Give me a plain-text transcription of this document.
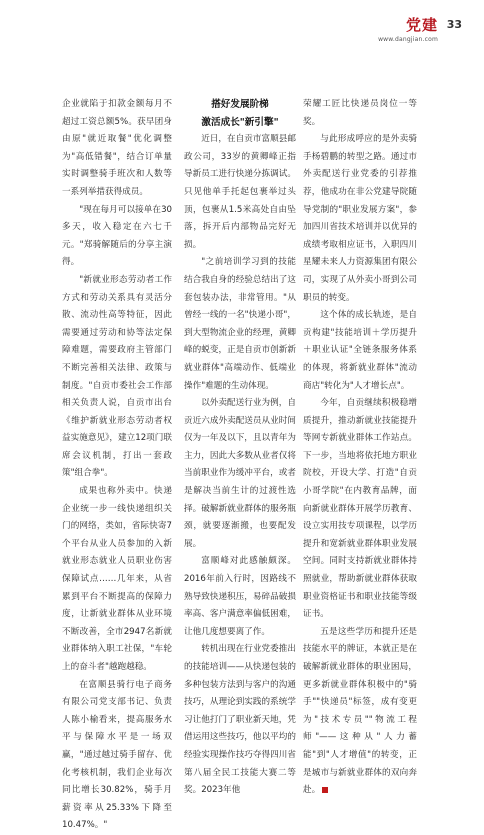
党建
www.dangjian.com
33

企业就陷于扣款金额每月不超过工资总额5%。获早团身由原"就近取餐"优化调整为"高低错餐"，结合订单量实时调整骑手班次和人数等一系列举措获得成员。

"现在每月可以接单在30多天，收入稳定在六七千元。"郑骑解随后的分享主演得。

"新就业形态劳动者工作方式和劳动关系具有灵活分散、流动性高等特征，因此需要通过劳动和协等法定保障难题，需要政府主管部门不断完善相关法律、政策与制度。"自贡市委社会工作部相关负责人说，自贡市出台《维护新就业形态劳动者权益实施意见》，建立12项门联席会议机制，打出一套政策"组合拳"。

成果也称外卖中。快递企业统一步一线快递组织关门的网络，类如，省际快寄7个平台从业人员参加的入新就业形态就业人员职业伤害保障试点……几年来，从省累到平台不断提高的保障力度，让新就业群体从业环境不断改善，全市2947名新就业群体纳入职工社保，"车轮上的奋斗者"越跑越稳。

在富顺县骑行电子商务有限公司党支部书记、负责人陈小榆看来，提高服务水平与保障水平是一场双赢，"通过越过骑手留存、优化考核机制，我们企业每次同比增长30.82%，骑手月薪资率从25.33%下降至10.47%。"

搭好发展阶梯
激活成长"新引擎"

近日，在自贡市富顺县邮政公司，33岁的黄卿峰正指导新员工进行快递分拣调试。只见他单手托起包裹举过头顶，包裹从1.5米高处自由坠落，拆开后内部物品完好无损。

"之前培训学习到的技能结合我自身的经验总结出了这套包装办法，非常管用。"从曾经一线的一名"快递小哥"，到大型物流企业的经理，黄卿峰的蜕变，正是自贡市创新新就业群体"高端动作、低端业操作"难题的生动体现。

以外卖配送行业为例，自贡近六成外卖配送员从业时间仅为一年及以下，且以青年为主力，因此大多数从业者仅将当前职业作为缓冲平台，或者是解决当前生计的过渡性选择。破解新就业群体的服务瓶颈，就要逐渐搬，也要配发展。

富顺峰对此感触颇深。2016年前入行时，因路线不熟导致快递积压，易碎品破损率高、客户满意率偏低困难，让他几度想要离了作。

转机出现在行业党委推出的技能培训——从快递包装的多种包装方法到与客户的沟通技巧，从理论到实践的系统学习让他打门了职业新天地，凭借运用这些技巧，他以平均的经验实现操作技巧夺得四川省第八届全民工技能大赛二等奖。2023年他

荣耀工匠比快递员岗位一等奖。

与此形成呼应的是外卖骑手杨碧鹏的转型之路。通过市外卖配送行业党委的引荐推荐，他成功在非公党建导院随导党制的"职业发展方案"，参加四川省技术培训并以优异的成绩考取相应证书，入职四川星耀未来人力资源集团有限公司，实现了从外卖小哥到公司职员的转变。

这个体的成长轨迹，是自贡构建"技能培训＋学历提升＋职业认证"全链条服务体系的体现，将新就业群体"流动商店"转化为"人才增长点"。

今年，自贡继续积极稳增质提升，推动新就业技能提升等网专新就业群体工作站点。下一步，当地将依托地方职业院校，开设大学、打造"自贡小哥学院"在内教育品牌，面向新就业群体开展学历教育、设立实用技专项课程，以学历提升和宽新就业群体职业发展空间。同时支持新就业群体持照就业，帮助新就业群体获取职业资格证书和职业技能等级证书。

五是这些学历和提升还是技能水平的牌证，本就正是在破解新就业群体的职业困局，更多新就业群体积极中的"骑手""快递员"标签，成有变更为"技术专员""物流工程师"——这种从"人力蓄能"到"人才增值"的转变，正是城市与新就业群体的双向奔赴。
